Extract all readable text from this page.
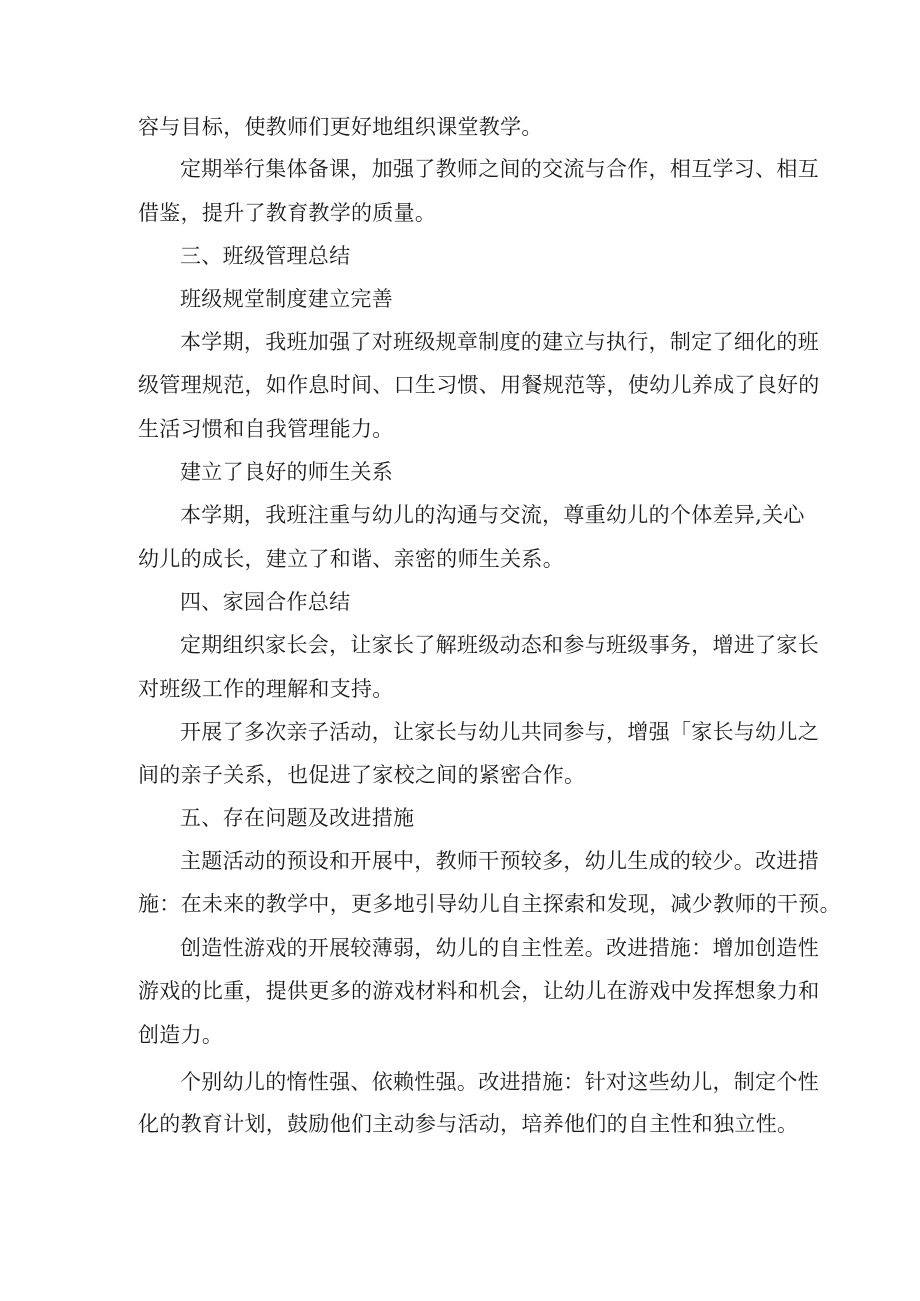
容与目标，使教师们更好地组织课堂教学。
定期举行集体备课，加强了教师之间的交流与合作，相互学习、相互
借鉴，提升了教育教学的质量。
三、班级管理总结
班级规堂制度建立完善
本学期，我班加强了对班级规章制度的建立与执行，制定了细化的班
级管理规范，如作息时间、口生习惯、用餐规范等，使幼儿养成了良好的
生活习惯和自我管理能力。
建立了良好的师生关系
本学期，我班注重与幼儿的沟通与交流，尊重幼儿的个体差异,关心
幼儿的成长，建立了和谐、亲密的师生关系。
四、家园合作总结
定期组织家长会，让家长了解班级动态和参与班级事务，增进了家长
对班级工作的理解和支持。
开展了多次亲子活动，让家长与幼儿共同参与，增强「家长与幼儿之
间的亲子关系，也促进了家校之间的紧密合作。
五、存在问题及改进措施
主题活动的预设和开展中，教师干预较多，幼儿生成的较少。改进措
施：在未来的教学中，更多地引导幼儿自主探索和发现，减少教师的干预。
创造性游戏的开展较薄弱，幼儿的自主性差。改进措施：增加创造性
游戏的比重，提供更多的游戏材料和机会，让幼儿在游戏中发挥想象力和
创造力。
个别幼儿的惰性强、依赖性强。改进措施：针对这些幼儿，制定个性
化的教育计划，鼓励他们主动参与活动，培养他们的自主性和独立性。
